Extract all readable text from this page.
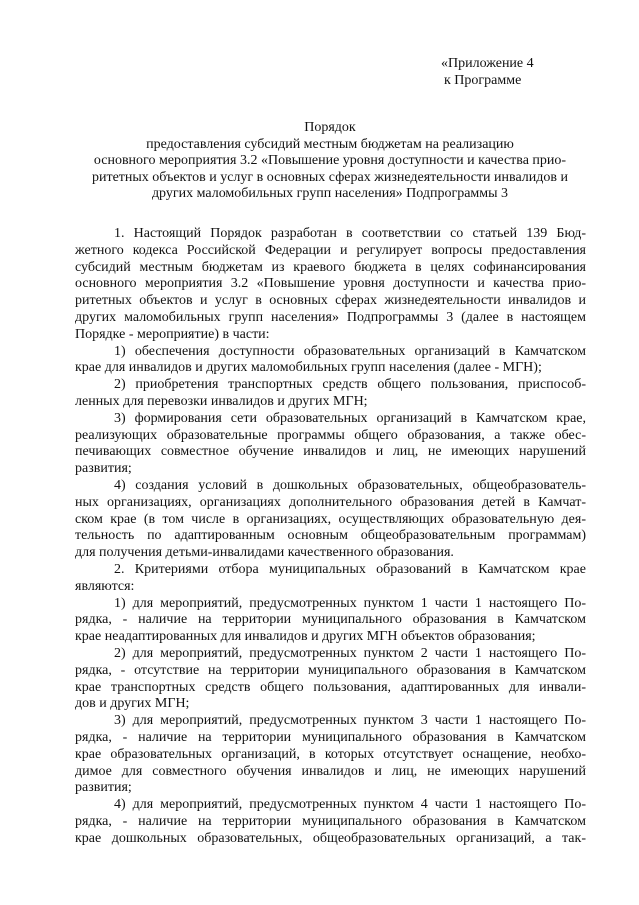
«Приложение 4
к Программе
Порядок
предоставления субсидий местным бюджетам на реализацию
основного мероприятия 3.2 «Повышение уровня доступности и качества прио-
ритетных объектов и услуг в основных сферах жизнедеятельности инвалидов и
других маломобильных групп населения» Подпрограммы 3
1. Настоящий Порядок разработан в соответствии со статьей 139 Бюд-
жетного кодекса Российской Федерации и регулирует вопросы предоставления
субсидий местным бюджетам из краевого бюджета в целях софинансирования
основного мероприятия 3.2 «Повышение уровня доступности и качества прио-
ритетных объектов и услуг в основных сферах жизнедеятельности инвалидов и
других маломобильных групп населения» Подпрограммы 3 (далее в настоящем
Порядке - мероприятие) в части:
1) обеспечения доступности образовательных организаций в Камчатском
крае для инвалидов и других маломобильных групп населения (далее - МГН);
2) приобретения транспортных средств общего пользования, приспособ-
ленных для перевозки инвалидов и других МГН;
3) формирования сети образовательных организаций в Камчатском крае,
реализующих образовательные программы общего образования, а также обес-
печивающих совместное обучение инвалидов и лиц, не имеющих нарушений
развития;
4) создания условий в дошкольных образовательных, общеобразователь-
ных организациях, организациях дополнительного образования детей в Камчат-
ском крае (в том числе в организациях, осуществляющих образовательную дея-
тельность по адаптированным основным общеобразовательным программам)
для получения детьми-инвалидами качественного образования.
2. Критериями отбора муниципальных образований в Камчатском крае
являются:
1) для мероприятий, предусмотренных пунктом 1 части 1 настоящего По-
рядка, - наличие на территории муниципального образования в Камчатском
крае неадаптированных для инвалидов и других МГН объектов образования;
2) для мероприятий, предусмотренных пунктом 2 части 1 настоящего По-
рядка, - отсутствие на территории муниципального образования в Камчатском
крае транспортных средств общего пользования, адаптированных для инвали-
дов и других МГН;
3) для мероприятий, предусмотренных пунктом 3 части 1 настоящего По-
рядка, - наличие на территории муниципального образования в Камчатском
крае образовательных организаций, в которых отсутствует оснащение, необхо-
димое для совместного обучения инвалидов и лиц, не имеющих нарушений
развития;
4) для мероприятий, предусмотренных пунктом 4 части 1 настоящего По-
рядка, - наличие на территории муниципального образования в Камчатском
крае дошкольных образовательных, общеобразовательных организаций, а так-
